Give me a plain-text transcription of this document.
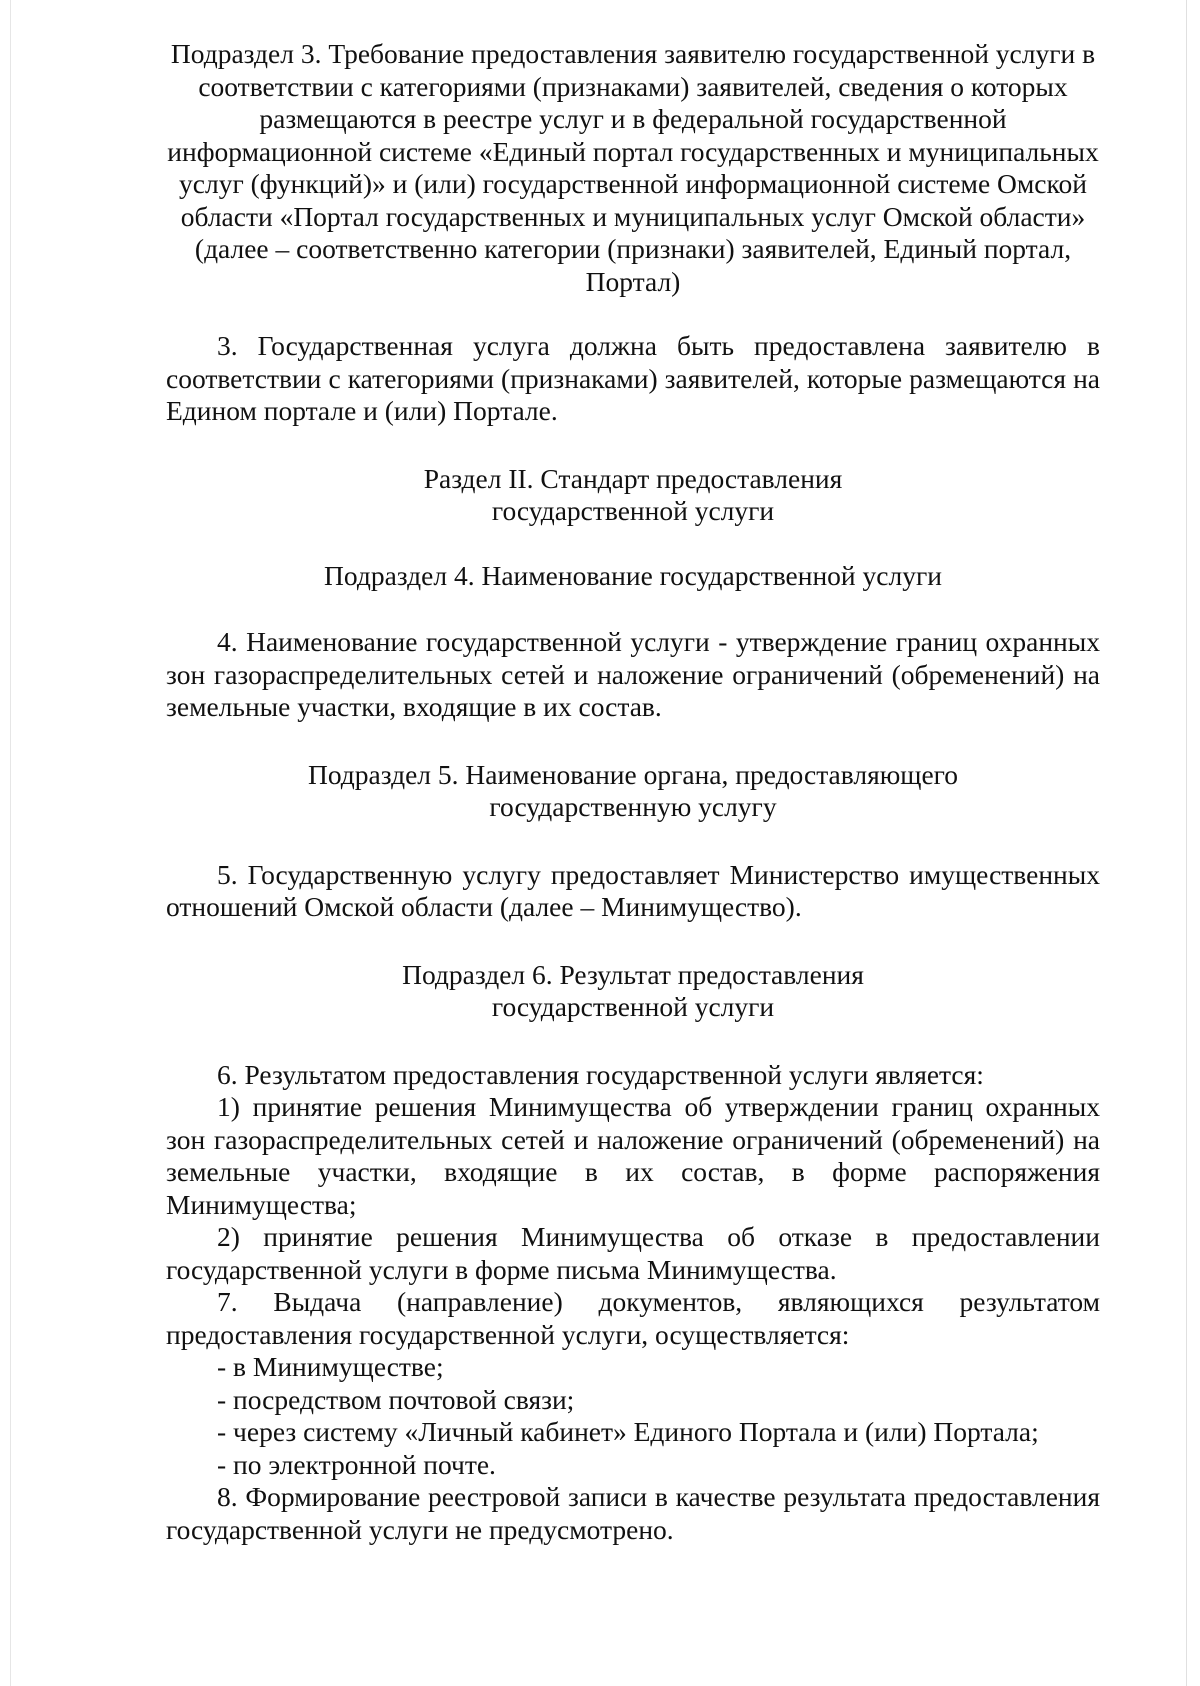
Подраздел 3. Требование предоставления заявителю государственной услуги в соответствии с категориями (признаками) заявителей, сведения о которых размещаются в реестре услуг и в федеральной государственной информационной системе «Единый портал государственных и муниципальных услуг (функций)» и (или) государственной информационной системе Омской области «Портал государственных и муниципальных услуг Омской области» (далее – соответственно категории (признаки) заявителей, Единый портал, Портал)

3. Государственная услуга должна быть предоставлена заявителю в соответствии с категориями (признаками) заявителей, которые размещаются на Едином портале и (или) Портале.

Раздел II. Стандарт предоставления

государственной услуги

Подраздел 4. Наименование государственной услуги

4. Наименование государственной услуги - утверждение границ охранных зон газораспределительных сетей и наложение ограничений (обременений) на земельные участки, входящие в их состав.

Подраздел 5. Наименование органа, предоставляющего

государственную услугу

5. Государственную услугу предоставляет Министерство имущественных отношений Омской области (далее – Минимущество).

Подраздел 6. Результат предоставления

государственной услуги

6. Результатом предоставления государственной услуги является:

1) принятие решения Минимущества об утверждении границ охранных зон газораспределительных сетей и наложение ограничений (обременений) на земельные участки, входящие в их состав, в форме распоряжения Минимущества;

2) принятие решения Минимущества об отказе в предоставлении государственной услуги в форме письма Минимущества.

7. Выдача (направление) документов, являющихся результатом предоставления государственной услуги, осуществляется:

- в Минимуществе;

- посредством почтовой связи;

- через систему «Личный кабинет» Единого Портала и (или) Портала;

- по электронной почте.

8. Формирование реестровой записи в качестве результата предоставления государственной услуги не предусмотрено.
